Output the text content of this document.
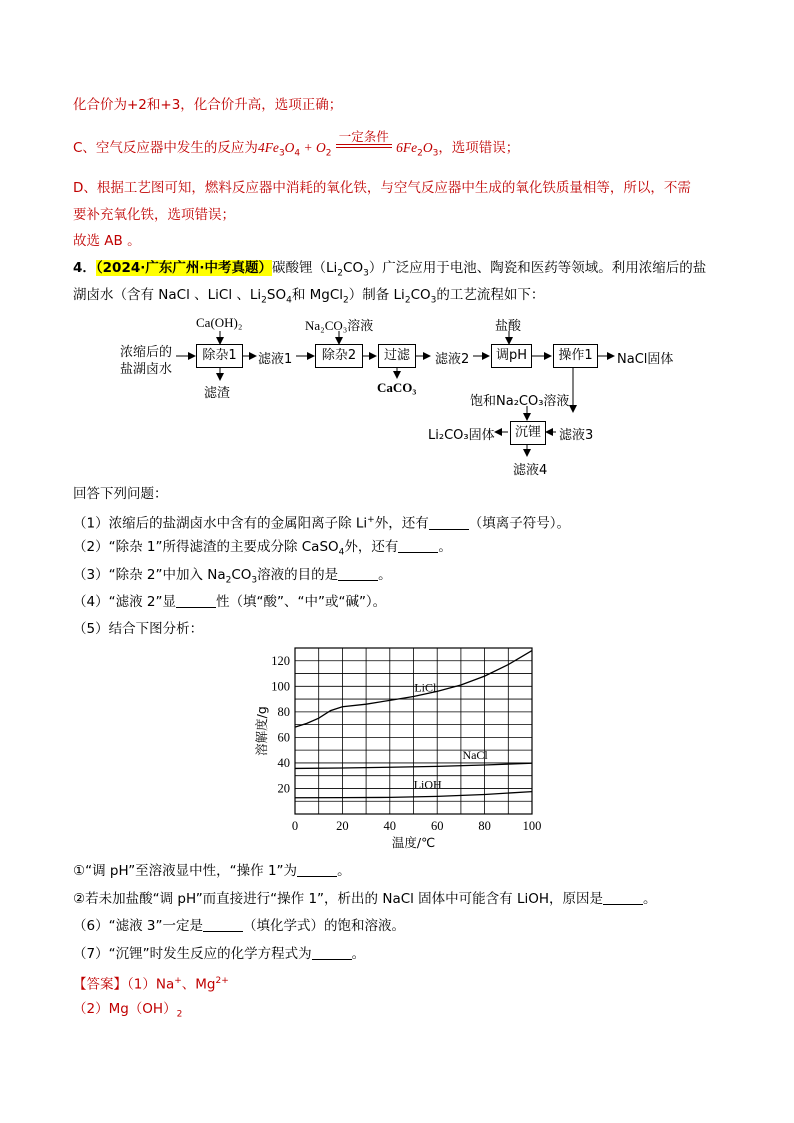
化合价为+2和+3，化合价升高，选项正确；
C、空气反应器中发生的反应为$4Fe_3O_4 + O_2$
一定条件
$6Fe_2O_3$，选项错误；
D、根据工艺图可知，燃料反应器中消耗的氧化铁，与空气反应器中生成的氧化铁质量相等，所以，不需
要补充氧化铁，选项错误；
故选 AB 。
4．（2024·广东广州·中考真题）碳酸锂$(Li_2CO_3)$广泛应用于电池、陶瓷和医药等领域。利用浓缩后的盐
湖卤水（含有 NaCl 、LiCl 、$Li_2SO_4$和 MgCl$_2$）制备 $Li_2CO_3$的工艺流程如下：
浓缩后的
盐湖卤水
Ca(OH)₂
除杂1
滤渣
滤液1
Na₂CO₃溶液
除杂2	过滤
CaCO₃
滤液2
盐酸
调pH	操作1	NaCl固体
饱和Na₂CO₃溶液
滤液3
沉锂
Li₂CO₃固体
滤液4
回答下列问题：
（1）浓缩后的盐湖卤水中含有的金属阳离子除 Li+外，还有	（填离子符号）。
（2）“除杂 1”所得滤渣的主要成分除 CaSO$_4$外，还有	。
（3）“除杂 2”中加入 $Na_2CO_3$溶液的目的是	。
（4）“滤液 2”显	性（填“酸”、“中”或“碱”）。
（5）结合下图分析：
0	20	40	60	80	100
20
40
60
80
100
120
温度/℃
溶解度/g
LiCl
NaCl
LiOH
①“调 pH”至溶液显中性，“操作 1”为	。
②若未加盐酸“调 pH”而直接进行“操作 1”，析出的 NaCl 固体中可能含有 LiOH，原因是	。
（6）“滤液 3”一定是	（填化学式）的饱和溶液。
（7）“沉锂”时发生反应的化学方程式为	。
【答案】（1）Na+、$Mg^{2+}$
$(2)Mg(OH)_2$
